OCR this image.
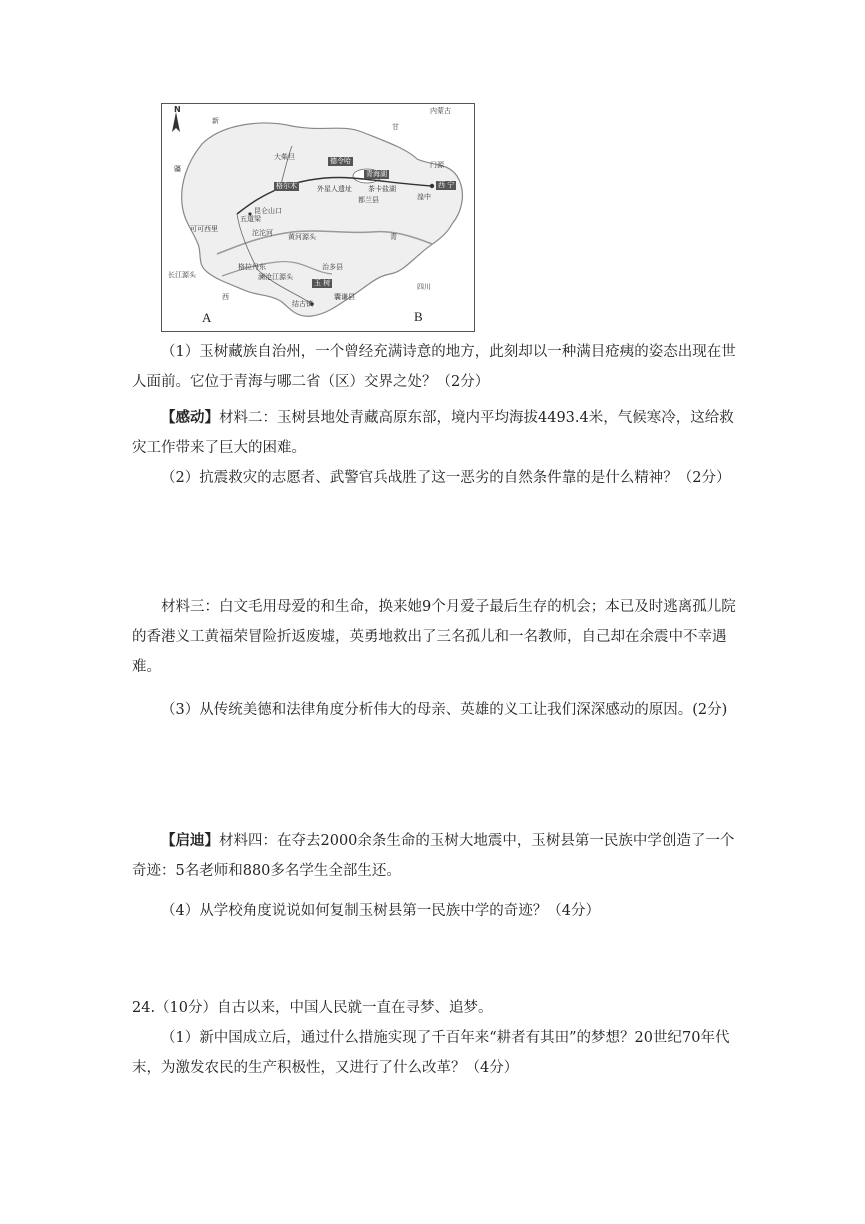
N
新
疆
甘
内蒙古
西
青
四川
大柴旦	德令哈
格尔木	外星人遗址
青海湖
茶卡盐湖	西 宁
门源
湟中
都兰县
昆仑山口
五道梁
可可西里	沱沱河 黄河源头
长江源头
格拉丹东
澜沧江源头
治多县
玉 树
囊谦县
结古镇
A	B
（1）玉树藏族自治州，一个曾经充满诗意的地方，此刻却以一种满目疮痍的姿态出现在世人面前。它位于青海与哪二省（区）交界之处？（2分）
【感动】材料二：玉树县地处青藏高原东部，境内平均海拔4493.4米，气候寒冷，这给救灾工作带来了巨大的困难。
（2）抗震救灾的志愿者、武警官兵战胜了这一恶劣的自然条件靠的是什么精神？（2分）
材料三：白文毛用母爱的和生命，换来她9个月爱子最后生存的机会；本已及时逃离孤儿院的香港义工黄福荣冒险折返废墟，英勇地救出了三名孤儿和一名教师，自己却在余震中不幸遇难。
（3）从传统美德和法律角度分析伟大的母亲、英雄的义工让我们深深感动的原因。(2分)
【启迪】材料四：在夺去2000余条生命的玉树大地震中，玉树县第一民族中学创造了一个奇迹：5名老师和880多名学生全部生还。
（4）从学校角度说说如何复制玉树县第一民族中学的奇迹？（4分）
24.（10分）自古以来，中国人民就一直在寻梦、追梦。
（1）新中国成立后，通过什么措施实现了千百年来“耕者有其田”的梦想？20世纪70年代末，为激发农民的生产积极性，又进行了什么改革？（4分）
